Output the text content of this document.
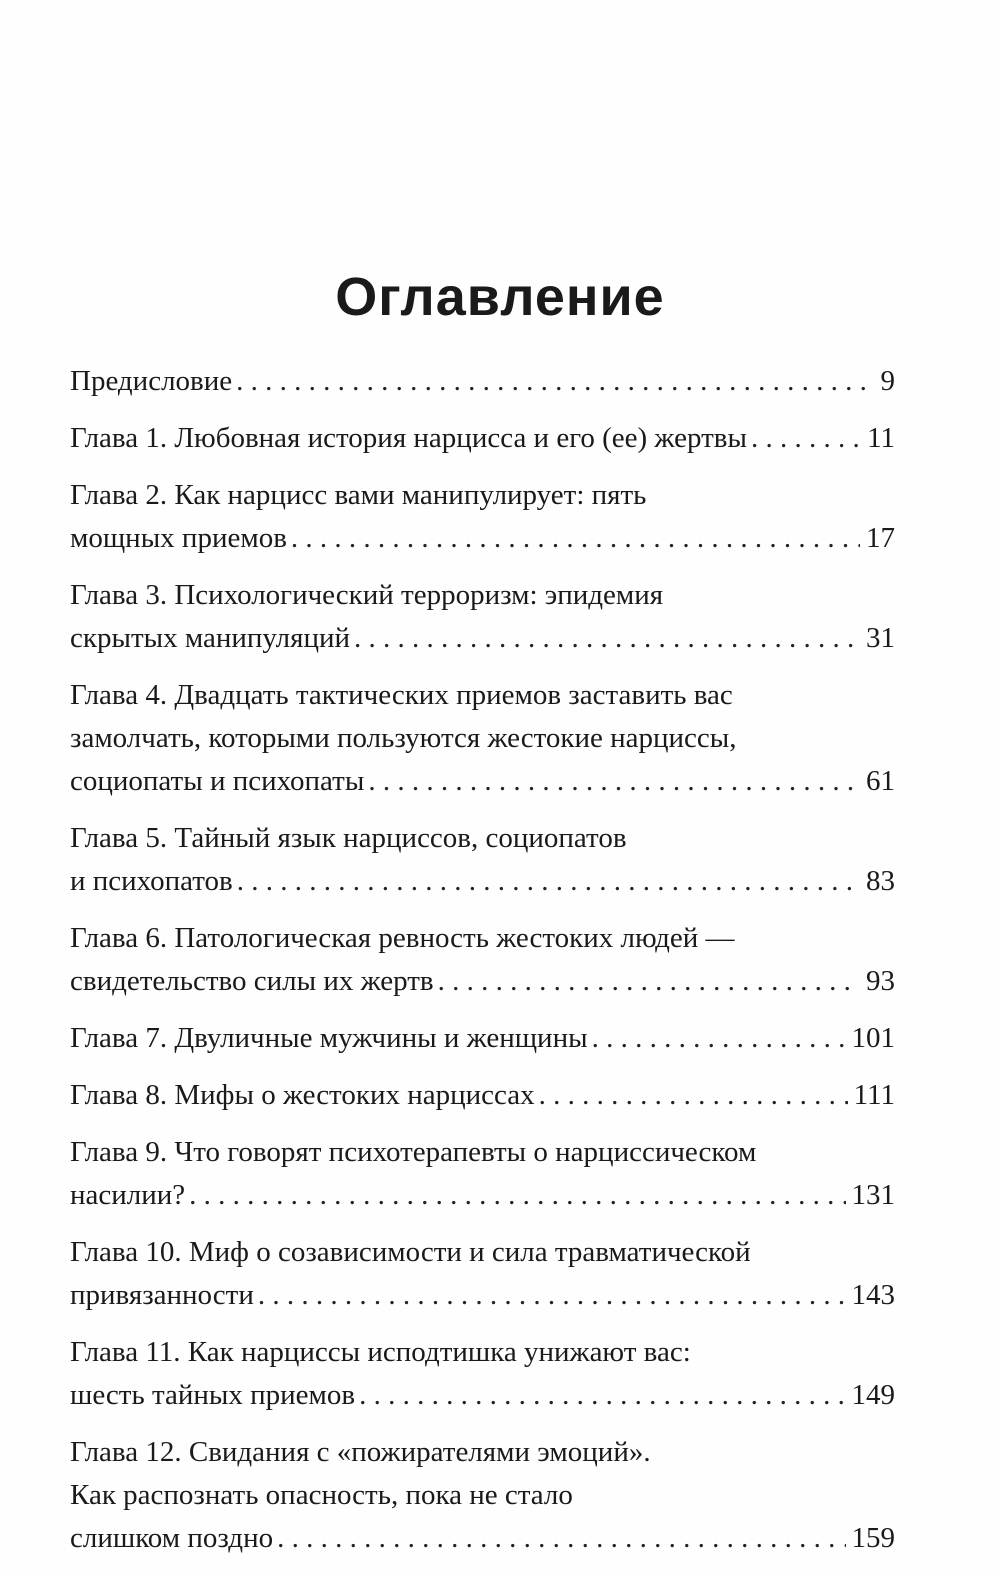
Оглавление
Предисловие . . .	9
Глава 1. Любовная история нарцисса и его (ее) жертвы . . .	11
Глава 2. Как нарцисс вами манипулирует: пять
мощных приемов . . .	17
Глава 3. Психологический терроризм: эпидемия
скрытых манипуляций . . .	31
Глава 4. Двадцать тактических приемов заставить вас
замолчать, которыми пользуются жестокие нарциссы,
социопаты и психопаты . . .	61
Глава 5. Тайный язык нарциссов, социопатов
и психопатов . . .	83
Глава 6. Патологическая ревность жестоких людей —
свидетельство силы их жертв . . .	93
Глава 7. Двуличные мужчины и женщины . . .	101
Глава 8. Мифы о жестоких нарциссах . . .	111
Глава 9. Что говорят психотерапевты о нарциссическом
насилии? . . .	131
Глава 10. Миф о созависимости и сила травматической
привязанности . . .	143
Глава 11. Как нарциссы исподтишка унижают вас:
шесть тайных приемов . . .	149
Глава 12. Свидания с «пожирателями эмоций».
Как распознать опасность, пока не стало
слишком поздно . . .	159
